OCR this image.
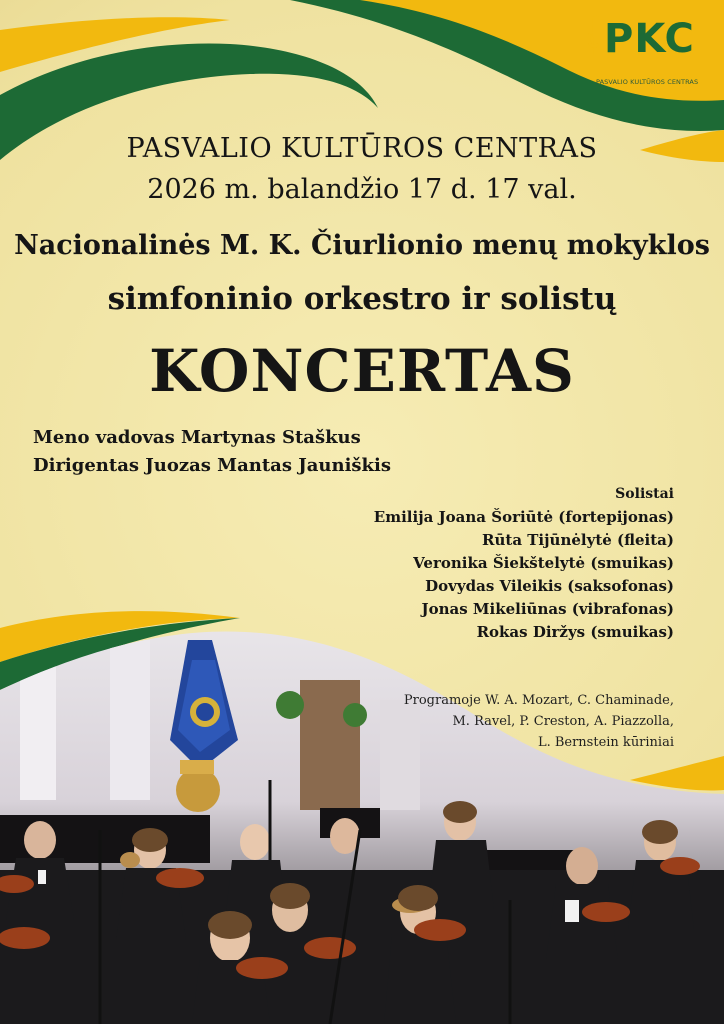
PKC
PASVALIO KULTŪROS CENTRAS
PASVALIO KULTŪROS CENTRAS
2026 m. balandžio 17 d. 17 val.
Nacionalinės M. K. Čiurlionio menų mokyklos
simfoninio orkestro ir solistų
KONCERTAS
Meno vadovas Martynas Staškus
Dirigentas Juozas Mantas Jauniškis
Solistai
Emilija Joana Šoriūtė (fortepijonas)
Rūta Tijūnėlytė (fleita)
Veronika Šiekštelytė (smuikas)
Dovydas Vileikis (saksofonas)
Jonas Mikeliūnas (vibrafonas)
Rokas Diržys (smuikas)
Programoje W. A. Mozart, C. Chaminade,
M. Ravel, P. Creston, A. Piazzolla,
L. Bernstein kūriniai
